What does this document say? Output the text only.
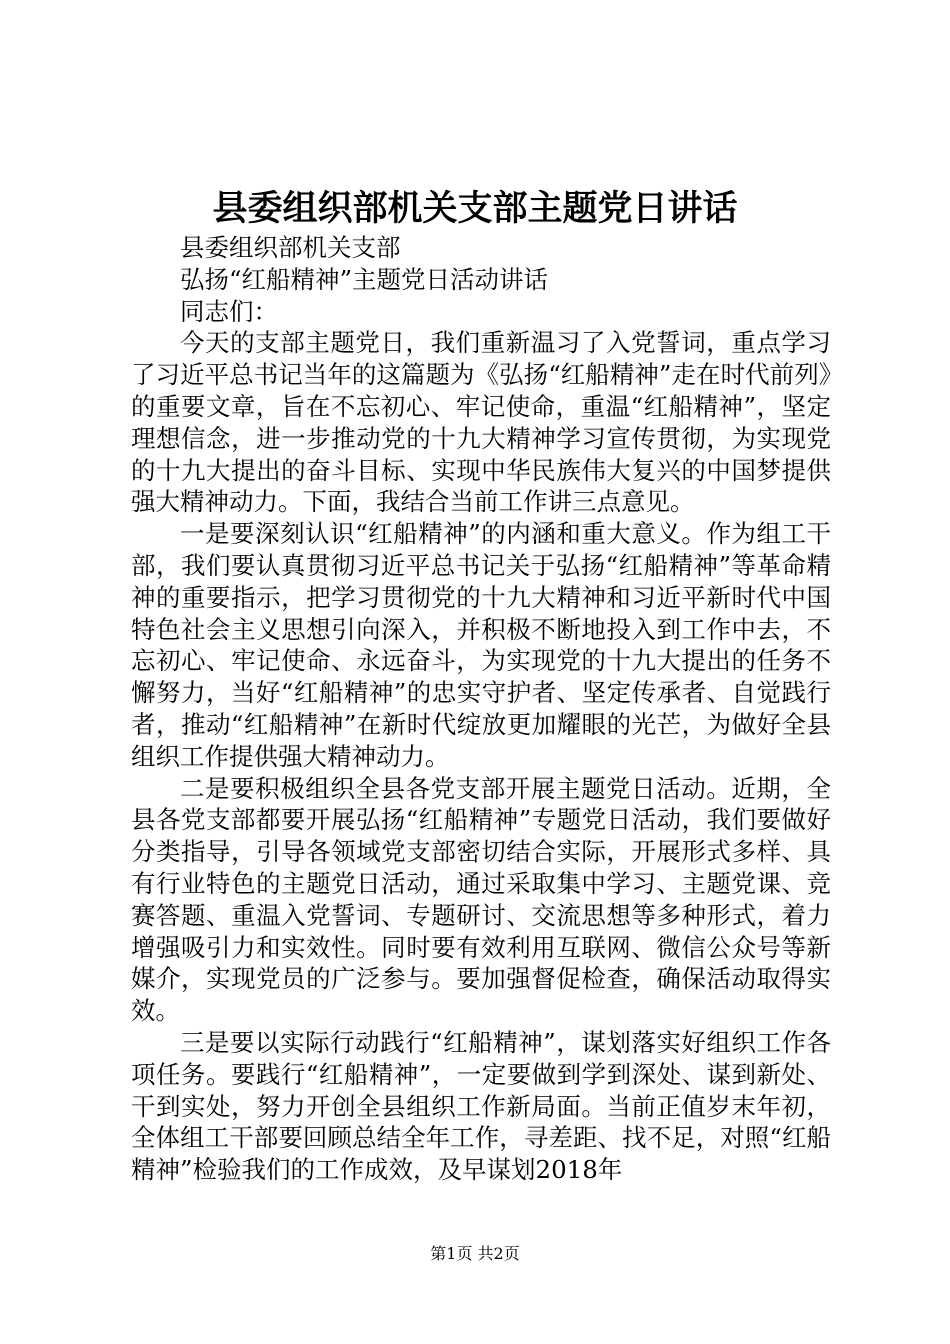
县委组织部机关支部主题党日讲话

县委组织部机关支部

弘扬“红船精神”主题党日活动讲话

同志们：

今天的支部主题党日，我们重新温习了入党誓词，重点学习了习近平总书记当年的这篇题为《弘扬“红船精神”走在时代前列》的重要文章，旨在不忘初心、牢记使命，重温“红船精神”，坚定理想信念，进一步推动党的十九大精神学习宣传贯彻，为实现党的十九大提出的奋斗目标、实现中华民族伟大复兴的中国梦提供强大精神动力。下面，我结合当前工作讲三点意见。

一是要深刻认识“红船精神”的内涵和重大意义。作为组工干部，我们要认真贯彻习近平总书记关于弘扬“红船精神”等革命精神的重要指示，把学习贯彻党的十九大精神和习近平新时代中国特色社会主义思想引向深入，并积极不断地投入到工作中去，不忘初心、牢记使命、永远奋斗，为实现党的十九大提出的任务不懈努力，当好“红船精神”的忠实守护者、坚定传承者、自觉践行者，推动“红船精神”在新时代绽放更加耀眼的光芒，为做好全县组织工作提供强大精神动力。

二是要积极组织全县各党支部开展主题党日活动。近期，全县各党支部都要开展弘扬“红船精神”专题党日活动，我们要做好分类指导，引导各领域党支部密切结合实际，开展形式多样、具有行业特色的主题党日活动，通过采取集中学习、主题党课、竞赛答题、重温入党誓词、专题研讨、交流思想等多种形式，着力增强吸引力和实效性。同时要有效利用互联网、微信公众号等新媒介，实现党员的广泛参与。要加强督促检查，确保活动取得实效。

三是要以实际行动践行“红船精神”，谋划落实好组织工作各项任务。要践行“红船精神”，一定要做到学到深处、谋到新处、干到实处，努力开创全县组织工作新局面。当前正值岁末年初，全体组工干部要回顾总结全年工作，寻差距、找不足，对照“红船精神”检验我们的工作成效，及早谋划2018年

第1页 共2页
